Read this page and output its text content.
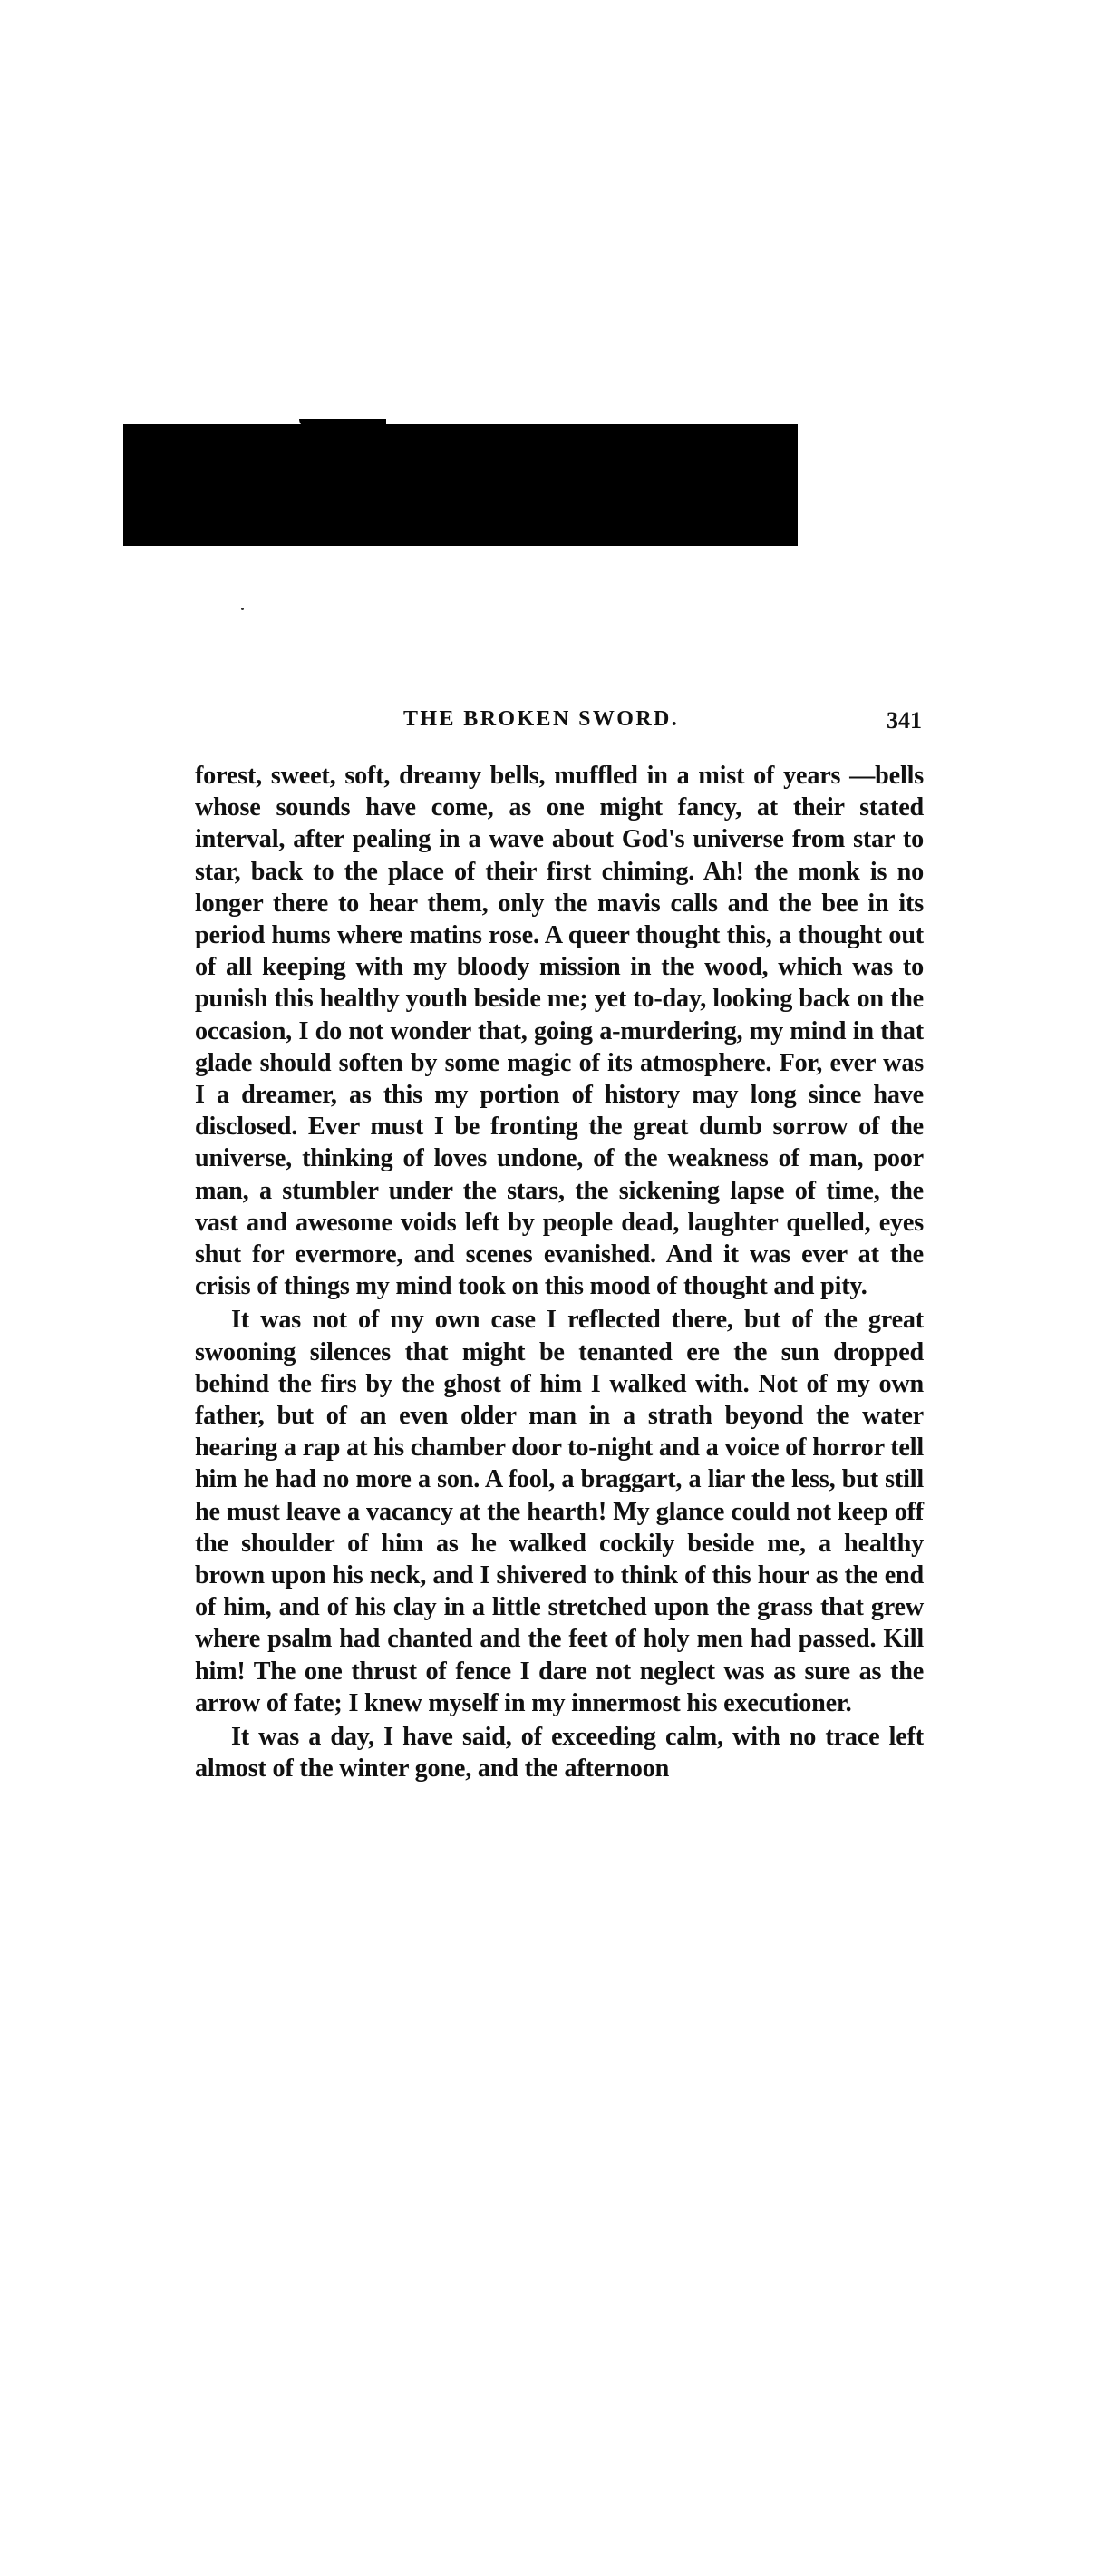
THE BROKEN SWORD.	341

forest, sweet, soft, dreamy bells, muffled in a mist of years —bells whose sounds have come, as one might fancy, at their stated interval, after pealing in a wave about God's universe from star to star, back to the place of their first chiming. Ah! the monk is no longer there to hear them, only the mavis calls and the bee in its period hums where matins rose. A queer thought this, a thought out of all keeping with my bloody mission in the wood, which was to punish this healthy youth beside me; yet to-day, looking back on the occasion, I do not wonder that, going a-murdering, my mind in that glade should soften by some magic of its atmosphere. For, ever was I a dreamer, as this my portion of history may long since have disclosed. Ever must I be fronting the great dumb sorrow of the universe, thinking of loves undone, of the weakness of man, poor man, a stumbler under the stars, the sickening lapse of time, the vast and awesome voids left by people dead, laughter quelled, eyes shut for evermore, and scenes evanished. And it was ever at the crisis of things my mind took on this mood of thought and pity.

It was not of my own case I reflected there, but of the great swooning silences that might be tenanted ere the sun dropped behind the firs by the ghost of him I walked with. Not of my own father, but of an even older man in a strath beyond the water hearing a rap at his chamber door to-night and a voice of horror tell him he had no more a son. A fool, a braggart, a liar the less, but still he must leave a vacancy at the hearth! My glance could not keep off the shoulder of him as he walked cockily beside me, a healthy brown upon his neck, and I shivered to think of this hour as the end of him, and of his clay in a little stretched upon the grass that grew where psalm had chanted and the feet of holy men had passed. Kill him! The one thrust of fence I dare not neglect was as sure as the arrow of fate; I knew myself in my innermost his executioner.

It was a day, I have said, of exceeding calm, with no trace left almost of the winter gone, and the afternoon
